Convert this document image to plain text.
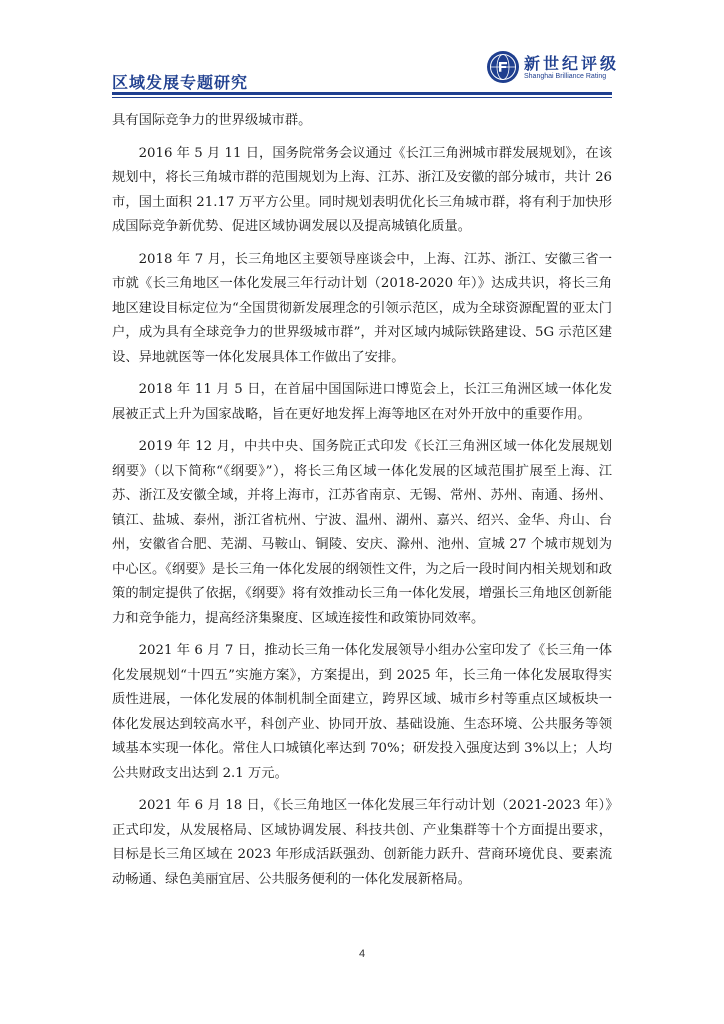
区域发展专题研究
新世纪评级
Shanghai Brilliance Rating

具有国际竞争力的世界级城市群。

2016 年 5 月 11 日，国务院常务会议通过《长江三角洲城市群发展规划》，在该规划中，将长三角城市群的范围规划为上海、江苏、浙江及安徽的部分城市，共计 26 市，国土面积 21.17 万平方公里。同时规划表明优化长三角城市群，将有利于加快形成国际竞争新优势、促进区域协调发展以及提高城镇化质量。

2018 年 7 月，长三角地区主要领导座谈会中，上海、江苏、浙江、安徽三省一市就《长三角地区一体化发展三年行动计划（2018-2020 年）》达成共识，将长三角地区建设目标定位为“全国贯彻新发展理念的引领示范区，成为全球资源配置的亚太门户，成为具有全球竞争力的世界级城市群”，并对区域内城际铁路建设、5G 示范区建设、异地就医等一体化发展具体工作做出了安排。

2018 年 11 月 5 日，在首届中国国际进口博览会上，长江三角洲区域一体化发展被正式上升为国家战略，旨在更好地发挥上海等地区在对外开放中的重要作用。

2019 年 12 月，中共中央、国务院正式印发《长江三角洲区域一体化发展规划纲要》（以下简称“《纲要》”），将长三角区域一体化发展的区域范围扩展至上海、江苏、浙江及安徽全域，并将上海市，江苏省南京、无锡、常州、苏州、南通、扬州、镇江、盐城、泰州，浙江省杭州、宁波、温州、湖州、嘉兴、绍兴、金华、舟山、台州，安徽省合肥、芜湖、马鞍山、铜陵、安庆、滁州、池州、宣城 27 个城市规划为中心区。《纲要》是长三角一体化发展的纲领性文件，为之后一段时间内相关规划和政策的制定提供了依据，《纲要》将有效推动长三角一体化发展，增强长三角地区创新能力和竞争能力，提高经济集聚度、区域连接性和政策协同效率。

2021 年 6 月 7 日，推动长三角一体化发展领导小组办公室印发了《长三角一体化发展规划“十四五”实施方案》，方案提出，到 2025 年，长三角一体化发展取得实质性进展，一体化发展的体制机制全面建立，跨界区域、城市乡村等重点区域板块一体化发展达到较高水平，科创产业、协同开放、基础设施、生态环境、公共服务等领域基本实现一体化。常住人口城镇化率达到 70%；研发投入强度达到 3%以上；人均公共财政支出达到 2.1 万元。

2021 年 6 月 18 日，《长三角地区一体化发展三年行动计划（2021-2023 年）》正式印发，从发展格局、区域协调发展、科技共创、产业集群等十个方面提出要求，目标是长三角区域在 2023 年形成活跃强劲、创新能力跃升、营商环境优良、要素流动畅通、绿色美丽宜居、公共服务便利的一体化发展新格局。

4
